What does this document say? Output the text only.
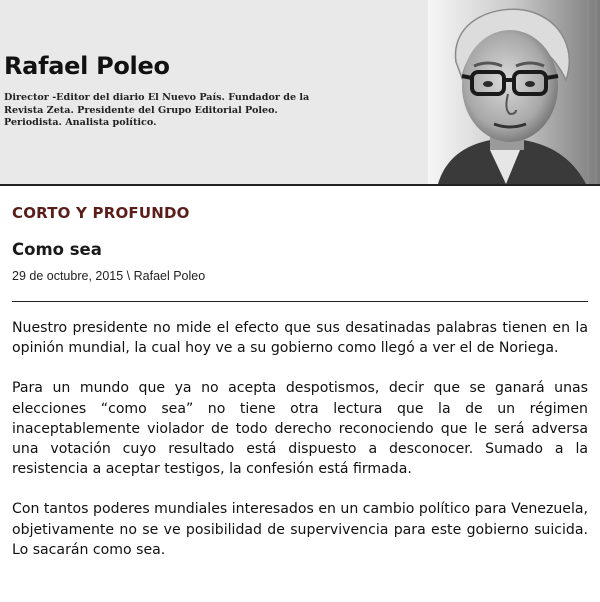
Rafael Poleo
Director -Editor del diario El Nuevo País. Fundador de la Revista Zeta. Presidente del Grupo Editorial Poleo. Periodista. Analista político.
CORTO Y PROFUNDO
Como sea
29 de octubre, 2015 \ Rafael Poleo

Nuestro presidente no mide el efecto que sus desatinadas palabras tienen en la opinión mundial, la cual hoy ve a su gobierno como llegó a ver el de Noriega.

Para un mundo que ya no acepta despotismos, decir que se ganará unas elecciones “como sea” no tiene otra lectura que la de un régimen inaceptablemente violador de todo derecho reconociendo que le será adversa una votación cuyo resultado está dispuesto a desconocer. Sumado a la resistencia a aceptar testigos, la confesión está firmada.

Con tantos poderes mundiales interesados en un cambio político para Venezuela, objetivamente no se ve posibilidad de supervivencia para este gobierno suicida. Lo sacarán como sea.
